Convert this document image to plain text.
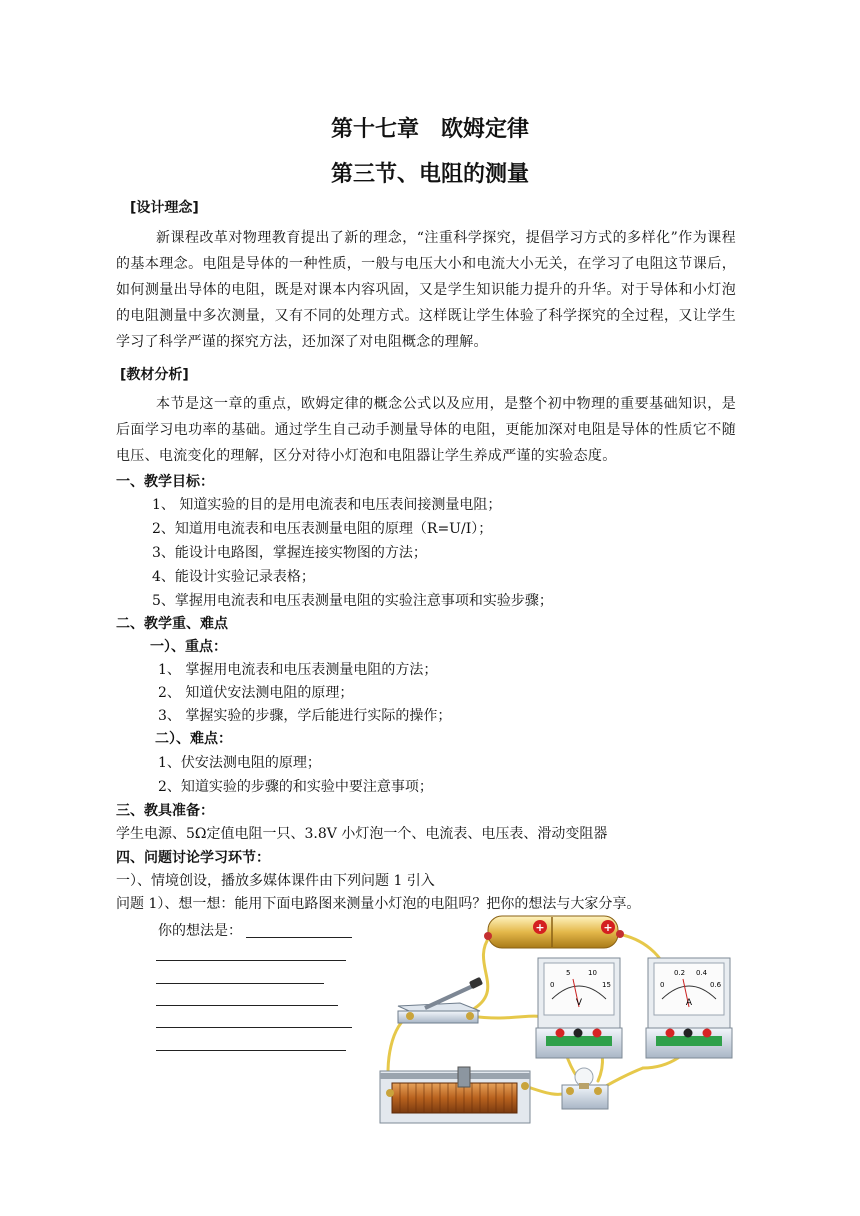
第十七章　欧姆定律
第三节、电阻的测量
[设计理念]
新课程改革对物理教育提出了新的理念，“注重科学探究，提倡学习方式的多样化”作为课程的基本理念。电阻是导体的一种性质，一般与电压大小和电流大小无关，在学习了电阻这节课后，如何测量出导体的电阻，既是对课本内容巩固，又是学生知识能力提升的升华。对于导体和小灯泡的电阻测量中多次测量，又有不同的处理方式。这样既让学生体验了科学探究的全过程，又让学生学习了科学严谨的探究方法，还加深了对电阻概念的理解。
[教材分析]
本节是这一章的重点，欧姆定律的概念公式以及应用，是整个初中物理的重要基础知识，是后面学习电功率的基础。通过学生自己动手测量导体的电阻，更能加深对电阻是导体的性质它不随电压、电流变化的理解，区分对待小灯泡和电阻器让学生养成严谨的实验态度。
一、教学目标：
1、 知道实验的目的是用电流表和电压表间接测量电阻；
2、知道用电流表和电压表测量电阻的原理（R=U/I）；
3、能设计电路图，掌握连接实物图的方法；
4、能设计实验记录表格；
5、掌握用电流表和电压表测量电阻的实验注意事项和实验步骤；
二、教学重、难点
一）、重点：
1、 掌握用电流表和电压表测量电阻的方法；
2、 知道伏安法测电阻的原理；
3、 掌握实验的步骤，学后能进行实际的操作；
二）、难点：
1、伏安法测电阻的原理；
2、知道实验的步骤的和实验中要注意事项；
三、教具准备：
学生电源、5Ω定值电阻一只、3.8V 小灯泡一个、电流表、电压表、滑动变阻器
四、问题讨论学习环节：
一）、情境创设，播放多媒体课件由下列问题 1 引入
问题 1）、想一想：能用下面电路图来测量小灯泡的电阻吗？把你的想法与大家分享。
你的想法是：	+	+
0
5	10
15
V
0
0.2 0.4
0.6
A
